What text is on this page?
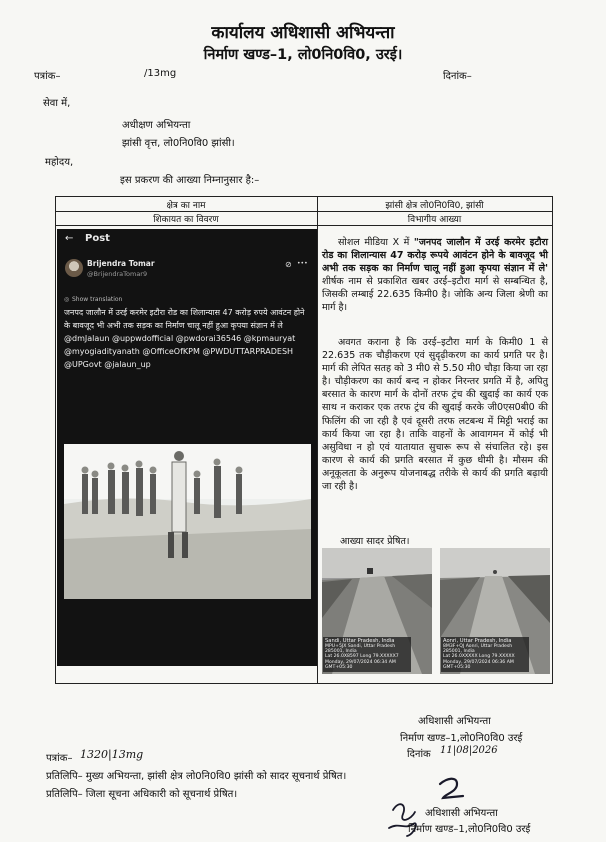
कार्यालय अधिशासी अभियन्ता
निर्माण खण्ड–1, लो0नि0वि0, उरई।
पत्रांक–	/13mg	दिनांक–
सेवा में,
अधीक्षण अभियन्ता
झांसी वृत्त, लो0नि0वि0 झांसी।
महोदय,
इस प्रकरण की आख्या निम्नानुसार है:–
क्षेत्र का नाम	झांसी क्षेत्र लो0नि0वि0, झांसी
शिकायत का विवरण	विभागीय आख्या
← Post
Brijendra Tomar
@BrijendraTomar9
⊘ •••
◎ Show translation
जनपद जालौन में उरई करमेर इटौरा रोड का शिलान्यास 47 करोड़ रुपये आवंटन होने के बावजूद भी अभी तक सड़क का निर्माण चालू नहीं हुआ कृपया संज्ञान में ले @dmJalaun @uppwdofficial @pwdorai36546 @kpmauryat @myogiadityanath @OfficeOfKPM @PWDUTTARPRADESH @UPGovt @jalaun_up
सोशल मीडिया X में "जनपद जालौन में उरई करमेर इटौरा रोड का शिलान्यास 47 करोड़ रूपये आवंटन होने के बावजूद भी अभी तक सड़क का निर्माण चालू नहीं हुआ कृपया संज्ञान में ले' शीर्षक नाम से प्रकाशित खबर उरई–इटौरा मार्ग से सम्बन्धित है, जिसकी लम्बाई 22.635 किमी0 है। जोकि अन्य जिला श्रेणी का मार्ग है।
अवगत कराना है कि उरई–इटौरा मार्ग के किमी0 1 से 22.635 तक चौड़ीकरण एवं सुदृढ़ीकरण का कार्य प्रगति पर है। मार्ग की लेपित सतह को 3 मी0 से 5.50 मी0 चौड़ा किया जा रहा है। चौड़ीकरण का कार्य बन्द न होकर निरन्तर प्रगति में है, अपितु बरसात के कारण मार्ग के दोनों तरफ ट्रंच की खुदाई का कार्य एक साथ न कराकर एक तरफ ट्रंच की खुदाई करके जी0एस0बी0 की फिलिंग की जा रही है एवं दूसरी तरफ लटबन्ध में मिट्टी भराई का कार्य किया जा रहा है। ताकि वाहनों के आवागमन में कोई भी असुविधा न हो एवं यातायात सुचारू रूप से संचालित रहे। इस कारण से कार्य की प्रगति बरसात में कुछ धीमी है। मौसम की अनूकूलता के अनुरूप योजनाबद्ध तरीके से कार्य की प्रगति बढ़ायी जा रही है।
आख्या सादर प्रेषित।
Sandi, Uttar Pradesh, India
MPU+5JX Sandi, Uttar Pradesh 285001, India
Lat 26.0X8597 Long 79.XXXXX7
Monday, 29/07/2024 06:34 AM GMT+05:30
Aonri, Uttar Pradesh, India
8M3F+QJ Aonri, Uttar Pradesh 285001, India
Lat 26.0XXXXX Long 79.XXXXX
Monday, 29/07/2024 06:36 AM GMT+05:30
अधिशासी अभियन्ता
निर्माण खण्ड–1,लो0नि0वि0 उरई
दिनांक 11|08|2026
पत्रांक– 1320|13mg
प्रतिलिपि– मुख्य अभियन्ता, झांसी क्षेत्र लो0नि0वि0 झांसी को सादर सूचनार्थ प्रेषित।
प्रतिलिपि– जिला सूचना अधिकारी को सूचनार्थ प्रेषित।
अधिशासी अभियन्ता
निर्माण खण्ड–1,लो0नि0वि0 उरई
